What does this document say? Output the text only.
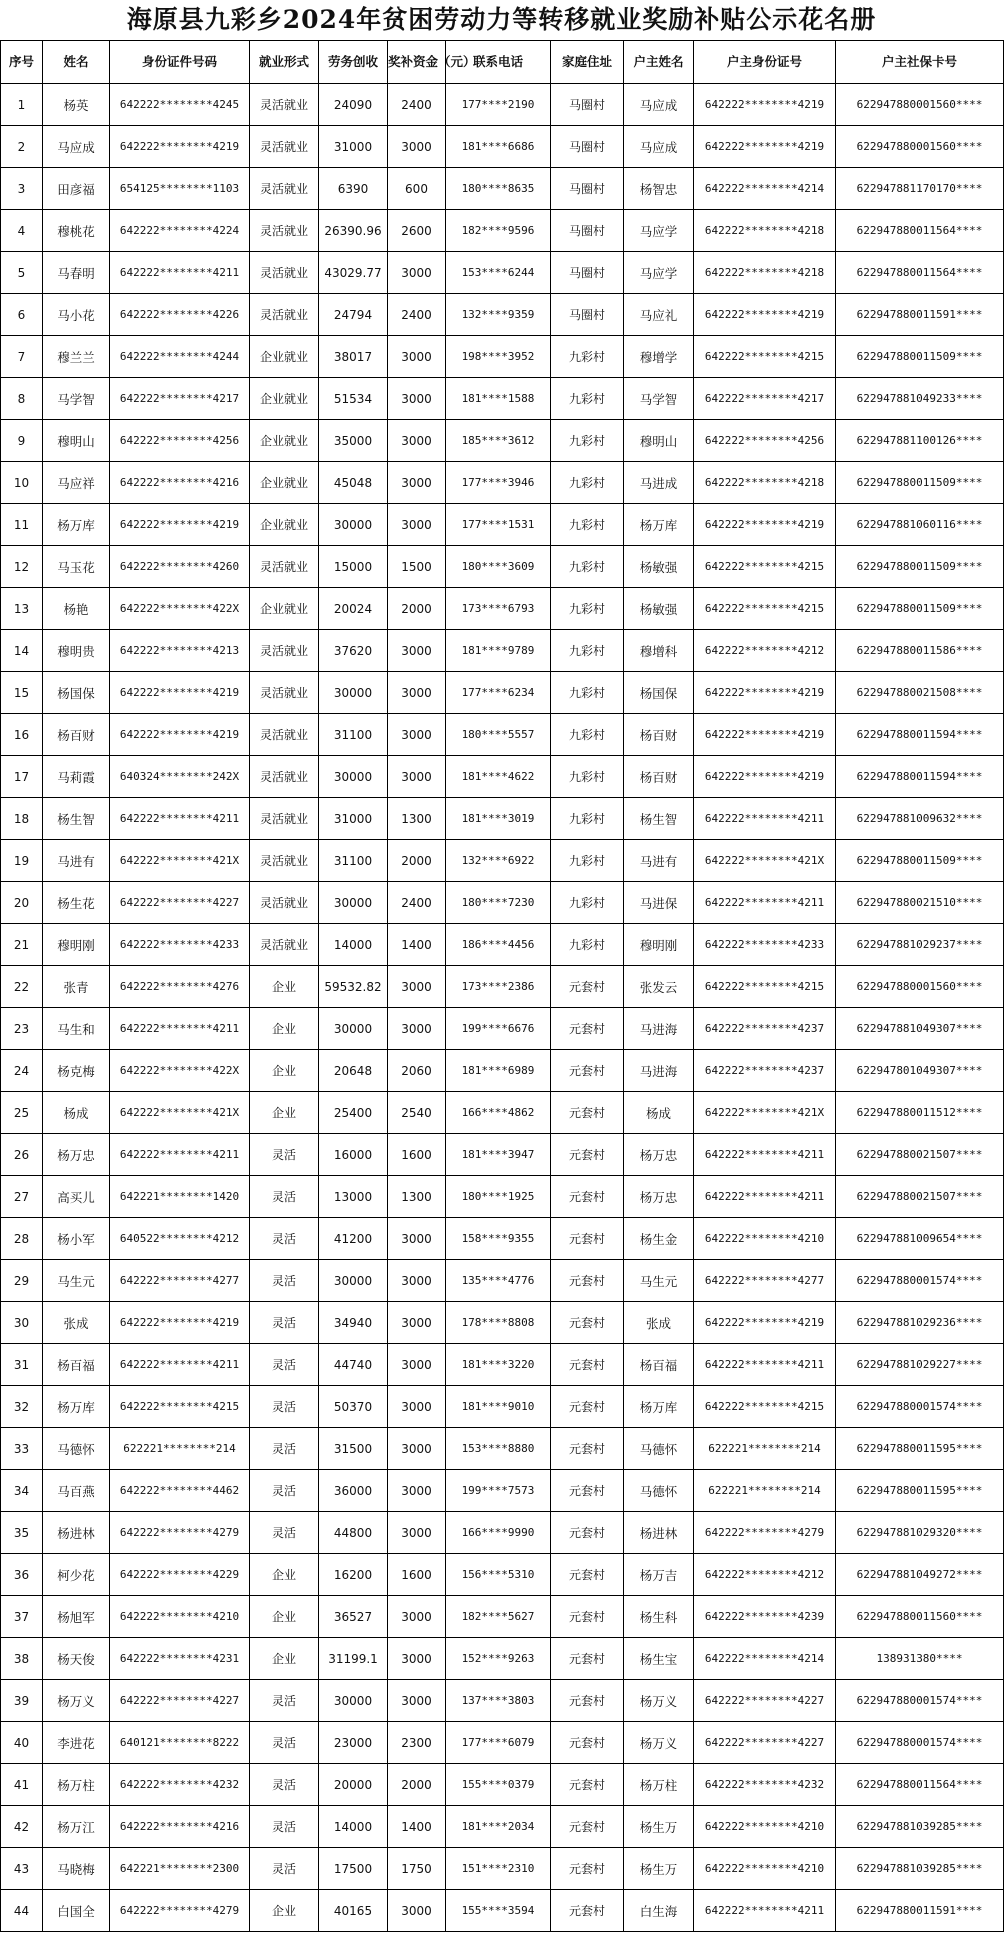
海原县九彩乡2024年贫困劳动力等转移就业奖励补贴公示花名册
序号	姓名	身份证件号码	就业形式	劳务创收	奖补资金（元）	联系电话	家庭住址	户主姓名	户主身份证号	户主社保卡号
1	杨英	642222********4245	灵活就业	24090	2400	177****2190	马圈村	马应成	642222********4219	622947880001560****
2	马应成	642222********4219	灵活就业	31000	3000	181****6686	马圈村	马应成	642222********4219	622947880001560****
3	田彦福	654125********1103	灵活就业	6390	600	180****8635	马圈村	杨智忠	642222********4214	622947881170170****
4	穆桃花	642222********4224	灵活就业	26390.96	2600	182****9596	马圈村	马应学	642222********4218	622947880011564****
5	马春明	642222********4211	灵活就业	43029.77	3000	153****6244	马圈村	马应学	642222********4218	622947880011564****
6	马小花	642222********4226	灵活就业	24794	2400	132****9359	马圈村	马应礼	642222********4219	622947880011591****
7	穆兰兰	642222********4244	企业就业	38017	3000	198****3952	九彩村	穆增学	642222********4215	622947880011509****
8	马学智	642222********4217	企业就业	51534	3000	181****1588	九彩村	马学智	642222********4217	622947881049233****
9	穆明山	642222********4256	企业就业	35000	3000	185****3612	九彩村	穆明山	642222********4256	622947881100126****
10	马应祥	642222********4216	企业就业	45048	3000	177****3946	九彩村	马进成	642222********4218	622947880011509****
11	杨万库	642222********4219	企业就业	30000	3000	177****1531	九彩村	杨万库	642222********4219	622947881060116****
12	马玉花	642222********4260	灵活就业	15000	1500	180****3609	九彩村	杨敏强	642222********4215	622947880011509****
13	杨艳	642222********422X	企业就业	20024	2000	173****6793	九彩村	杨敏强	642222********4215	622947880011509****
14	穆明贵	642222********4213	灵活就业	37620	3000	181****9789	九彩村	穆增科	642222********4212	622947880011586****
15	杨国保	642222********4219	灵活就业	30000	3000	177****6234	九彩村	杨国保	642222********4219	622947880021508****
16	杨百财	642222********4219	灵活就业	31100	3000	180****5557	九彩村	杨百财	642222********4219	622947880011594****
17	马莉霞	640324********242X	灵活就业	30000	3000	181****4622	九彩村	杨百财	642222********4219	622947880011594****
18	杨生智	642222********4211	灵活就业	31000	1300	181****3019	九彩村	杨生智	642222********4211	622947881009632****
19	马进有	642222********421X	灵活就业	31100	2000	132****6922	九彩村	马进有	642222********421X	622947880011509****
20	杨生花	642222********4227	灵活就业	30000	2400	180****7230	九彩村	马进保	642222********4211	622947880021510****
21	穆明刚	642222********4233	灵活就业	14000	1400	186****4456	九彩村	穆明刚	642222********4233	622947881029237****
22	张青	642222********4276	企业	59532.82	3000	173****2386	元套村	张发云	642222********4215	622947880001560****
23	马生和	642222********4211	企业	30000	3000	199****6676	元套村	马进海	642222********4237	622947881049307****
24	杨克梅	642222********422X	企业	20648	2060	181****6989	元套村	马进海	642222********4237	622947801049307****
25	杨成	642222********421X	企业	25400	2540	166****4862	元套村	杨成	642222********421X	622947880011512****
26	杨万忠	642222********4211	灵活	16000	1600	181****3947	元套村	杨万忠	642222********4211	622947880021507****
27	高买儿	642221********1420	灵活	13000	1300	180****1925	元套村	杨万忠	642222********4211	622947880021507****
28	杨小军	640522********4212	灵活	41200	3000	158****9355	元套村	杨生金	642222********4210	622947881009654****
29	马生元	642222********4277	灵活	30000	3000	135****4776	元套村	马生元	642222********4277	622947880001574****
30	张成	642222********4219	灵活	34940	3000	178****8808	元套村	张成	642222********4219	622947881029236****
31	杨百福	642222********4211	灵活	44740	3000	181****3220	元套村	杨百福	642222********4211	622947881029227****
32	杨万库	642222********4215	灵活	50370	3000	181****9010	元套村	杨万库	642222********4215	622947880001574****
33	马德怀	622221********214	灵活	31500	3000	153****8880	元套村	马德怀	622221********214	622947880011595****
34	马百燕	642222********4462	灵活	36000	3000	199****7573	元套村	马德怀	622221********214	622947880011595****
35	杨进林	642222********4279	灵活	44800	3000	166****9990	元套村	杨进林	642222********4279	622947881029320****
36	柯少花	642222********4229	企业	16200	1600	156****5310	元套村	杨万吉	642222********4212	622947881049272****
37	杨旭军	642222********4210	企业	36527	3000	182****5627	元套村	杨生科	642222********4239	622947880011560****
38	杨天俊	642222********4231	企业	31199.1	3000	152****9263	元套村	杨生宝	642222********4214	138931380****
39	杨万义	642222********4227	灵活	30000	3000	137****3803	元套村	杨万义	642222********4227	622947880001574****
40	李进花	640121********8222	灵活	23000	2300	177****6079	元套村	杨万义	642222********4227	622947880001574****
41	杨万柱	642222********4232	灵活	20000	2000	155****0379	元套村	杨万柱	642222********4232	622947880011564****
42	杨万江	642222********4216	灵活	14000	1400	181****2034	元套村	杨生万	642222********4210	622947881039285****
43	马晓梅	642221********2300	灵活	17500	1750	151****2310	元套村	杨生万	642222********4210	622947881039285****
44	白国全	642222********4279	企业	40165	3000	155****3594	元套村	白生海	642222********4211	622947880011591****
